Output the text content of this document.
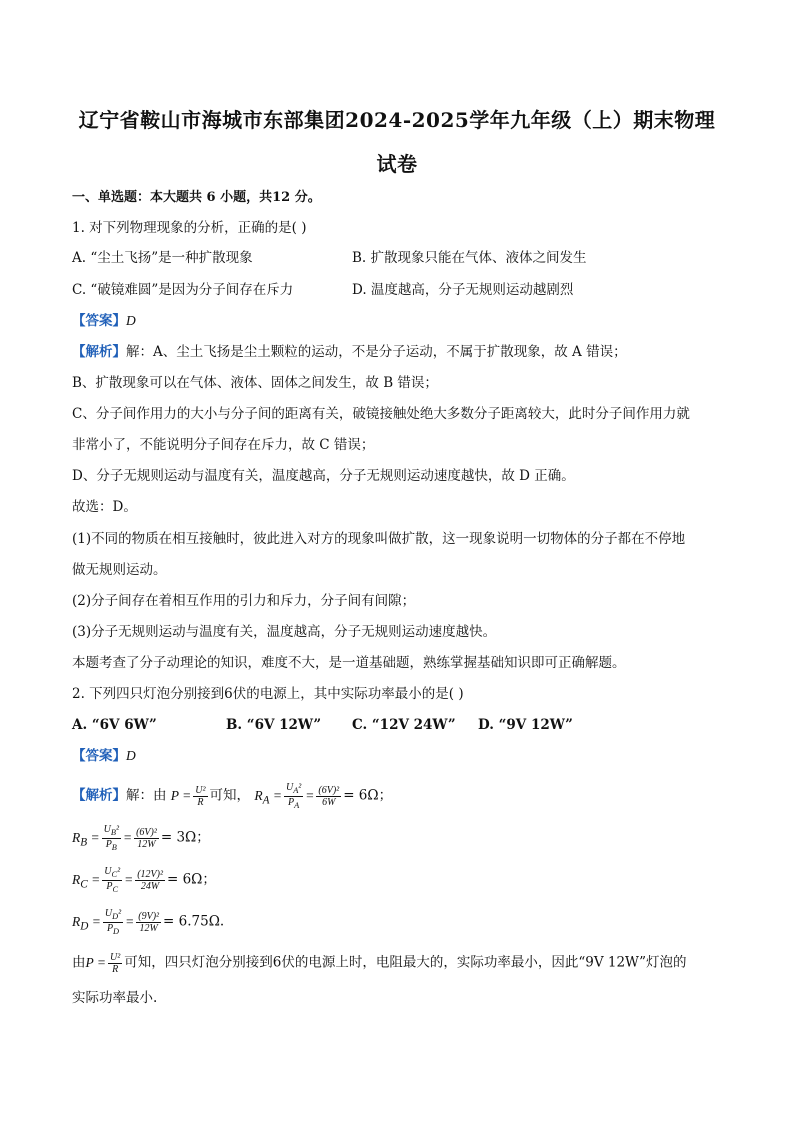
辽宁省鞍山市海城市东部集团2024-2025学年九年级（上）期末物理
试卷
一、单选题：本大题共 6 小题，共12 分。
1. 对下列物理现象的分析，正确的是( )
A. “尘土飞扬”是一种扩散现象	B. 扩散现象只能在气体、液体之间发生
C. “破镜难圆”是因为分子间存在斥力	D. 温度越高，分子无规则运动越剧烈
【答案】D
【解析】解：A、尘土飞扬是尘土颗粒的运动，不是分子运动，不属于扩散现象，故 A 错误；
B、扩散现象可以在气体、液体、固体之间发生，故 B 错误；
C、分子间作用力的大小与分子间的距离有关，破镜接触处绝大多数分子距离较大，此时分子间作用力就
非常小了，不能说明分子间存在斥力，故 C 错误；
D、分子无规则运动与温度有关，温度越高，分子无规则运动速度越快，故 D 正确。
故选：D。
(1)不同的物质在相互接触时，彼此进入对方的现象叫做扩散，这一现象说明一切物体的分子都在不停地
做无规则运动。
(2)分子间存在着相互作用的引力和斥力，分子间有间隙；
(3)分子无规则运动与温度有关，温度越高，分子无规则运动速度越快。
本题考查了分子动理论的知识，难度不大，是一道基础题，熟练掌握基础知识即可正确解题。
2. 下列四只灯泡分别接到6伏的电源上，其中实际功率最小的是( )
A. “6V 6W”	B. “6V 12W” C. “12V 24W” D. “9V 12W”
【答案】D
【解析】解：由 $P = \frac{\text{U²}}{R}$ 可知， $R_A = \frac{U_A^2}{P_A} = \frac{\text{(6V)²}}{6W} = 6\Omega$；
$R_B = \frac{U_B^2}{P_B} = \frac{\text{(6V)²}}{12W} = 3\Omega$；
$R_C = \frac{U_C^2}{P_C} = \frac{\text{(12V)²}}{24W} = 6\Omega$；
$R_D = \frac{U_D^2}{P_D} = \frac{\text{(9V)²}}{12W} = 6.75\Omega$.
由$P = \frac{\text{U²}}{R}$ 可知，四只灯泡分别接到6伏的电源上时，电阻最大的，实际功率最小，因此“9V 12W”灯泡的
实际功率最小.
